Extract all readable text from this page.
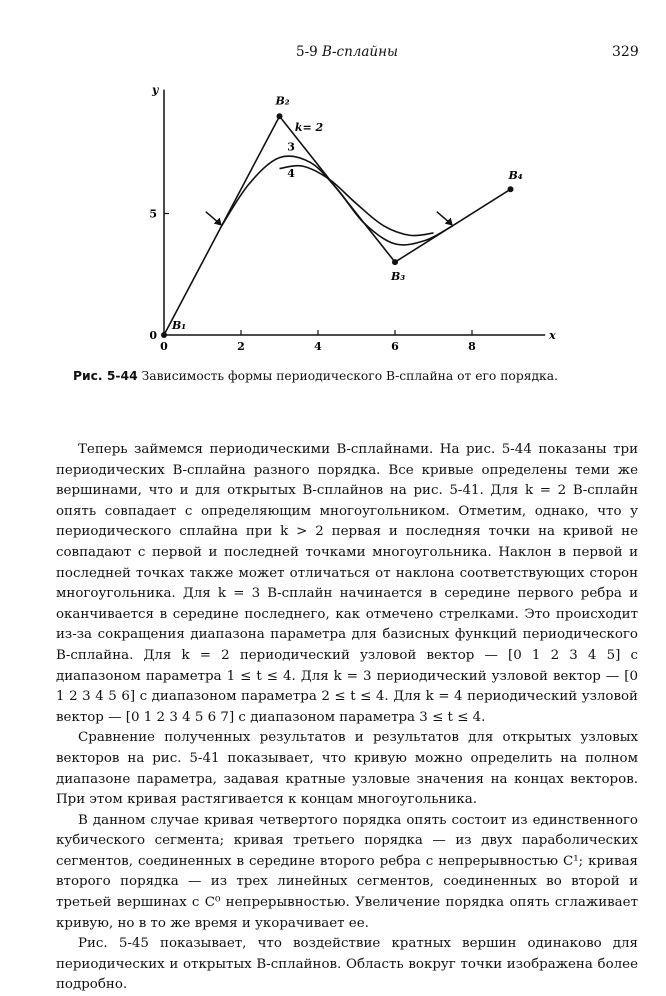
5-9 В-сплайны	329
0	2	4	6	8
0
5
x
y
B₁
B₂
B₃
B₄
k= 2
3
4
Рис. 5-44 Зависимость формы периодического В-сплайна от его порядка.

Теперь займемся периодическими В-сплайнами. На рис. 5-44 показаны три периодических В-сплайна разного порядка. Все кривые определены теми же вершинами, что и для открытых В-сплайнов на рис. 5-41. Для k = 2 В-сплайн опять совпадает с определяющим многоугольником. Отметим, однако, что у периодического сплайна при k > 2 первая и последняя точки на кривой не совпадают с первой и последней точками многоугольника. Наклон в первой и последней точках также может отличаться от наклона соответствующих сторон многоугольника. Для k = 3 В-сплайн начинается в середине первого ребра и оканчивается в середине последнего, как отмечено стрелками. Это происходит из-за сокращения диапазона параметра для базисных функций периодического В-сплайна. Для k = 2 периодический узловой вектор — [0 1 2 3 4 5] с диапазоном параметра 1 ≤ t ≤ 4. Для k = 3 периодический узловой вектор — [0 1 2 3 4 5 6] с диапазоном параметра 2 ≤ t ≤ 4. Для k = 4 периодический узловой вектор — [0 1 2 3 4 5 6 7] с диапазоном параметра 3 ≤ t ≤ 4.

Сравнение полученных результатов и результатов для открытых узловых векторов на рис. 5-41 показывает, что кривую можно определить на полном диапазоне параметра, задавая кратные узловые значения на концах векторов. При этом кривая растягивается к концам многоугольника.

В данном случае кривая четвертого порядка опять состоит из единственного кубического сегмента; кривая третьего порядка — из двух параболических сегментов, соединенных в середине второго ребра с непрерывностью C¹; кривая второго порядка — из трех линейных сегментов, соединенных во второй и третьей вершинах с C⁰ непрерывностью. Увеличение порядка опять сглаживает кривую, но в то же время и укорачивает ее.

Рис. 5-45 показывает, что воздействие кратных вершин одинаково для периодических и открытых В-сплайнов. Область вокруг точки изображена более подробно.
